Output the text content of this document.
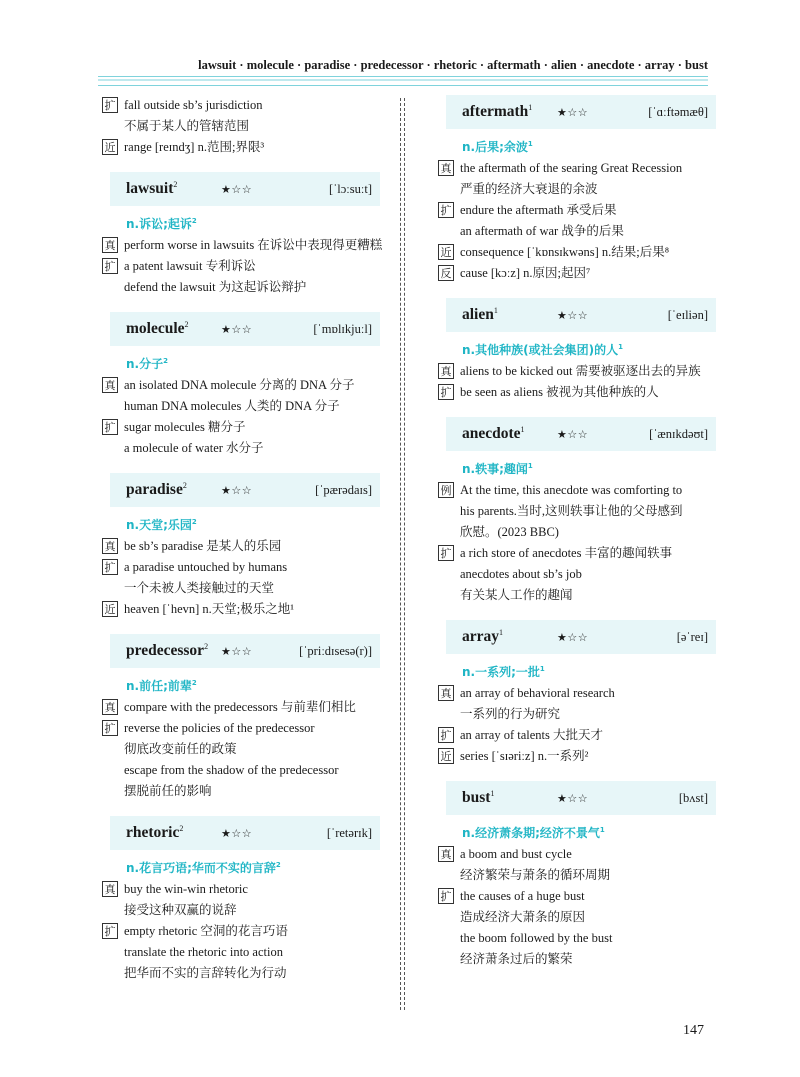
lawsuit · molecule · paradise · predecessor · rhetoric · aftermath · alien · anecdote · array · bust
扩 fall outside sb’s jurisdiction
不属于某人的管辖范围
近 range [reɪndʒ] n.范围;界限³
lawsuit$^2$	★☆☆	[ˈlɔːsuːt]
n.诉讼;起诉$^2$
真 perform worse in lawsuits 在诉讼中表现得更糟糕
扩 a patent lawsuit 专利诉讼
defend the lawsuit 为这起诉讼辩护
molecule$^2$	★☆☆	[ˈmɒlɪkjuːl]
n.分子$^2$
真 an isolated DNA molecule 分离的 DNA 分子
human DNA molecules 人类的 DNA 分子
扩 sugar molecules 糖分子
a molecule of water 水分子
paradise$^2$	★☆☆	[ˈpærədaɪs]
n.天堂;乐园$^2$
真 be sb’s paradise 是某人的乐园
扩 a paradise untouched by humans
一个未被人类接触过的天堂
近 heaven [ˈhevn] n.天堂;极乐之地¹
predecessor$^2$	★☆☆	[ˈpriːdɪsesə(r)]
n.前任;前辈$^2$
真 compare with the predecessors 与前辈们相比
扩 reverse the policies of the predecessor
彻底改变前任的政策
escape from the shadow of the predecessor
摆脱前任的影响
rhetoric$^2$	★☆☆	[ˈretərɪk]
n.花言巧语;华而不实的言辞$^2$
真 buy the win-win rhetoric
接受这种双赢的说辞
扩 empty rhetoric 空洞的花言巧语
translate the rhetoric into action
把华而不实的言辞转化为行动
aftermath$^1$	★☆☆	[ˈɑːftəmæθ]
n.后果;余波$^1$
真 the aftermath of the searing Great Recession
严重的经济大衰退的余波
扩 endure the aftermath 承受后果
an aftermath of war 战争的后果
近 consequence [ˈkɒnsɪkwəns] n.结果;后果⁸
反 cause [kɔːz] n.原因;起因⁷
alien$^1$	★☆☆	[ˈeɪliən]
n.其他种族(或社会集团)的人$^1$
真 aliens to be kicked out 需要被驱逐出去的异族
扩 be seen as aliens 被视为其他种族的人
anecdote$^1$	★☆☆	[ˈænɪkdəʊt]
n.轶事;趣闻$^1$
例 At the time, this anecdote was comforting to
his parents.当时,这则轶事让他的父母感到
欣慰。(2023 BBC)
扩 a rich store of anecdotes 丰富的趣闻轶事
anecdotes about sb’s job
有关某人工作的趣闻
array$^1$	★☆☆	[əˈreɪ]
n.一系列;一批$^1$
真 an array of behavioral research
一系列的行为研究
扩 an array of talents 大批天才
近 series [ˈsɪəriːz] n.一系列²
bust$^1$	★☆☆	[bʌst]
n.经济萧条期;经济不景气$^1$
真 a boom and bust cycle
经济繁荣与萧条的循环周期
扩 the causes of a huge bust
造成经济大萧条的原因
the boom followed by the bust
经济萧条过后的繁荣
147
